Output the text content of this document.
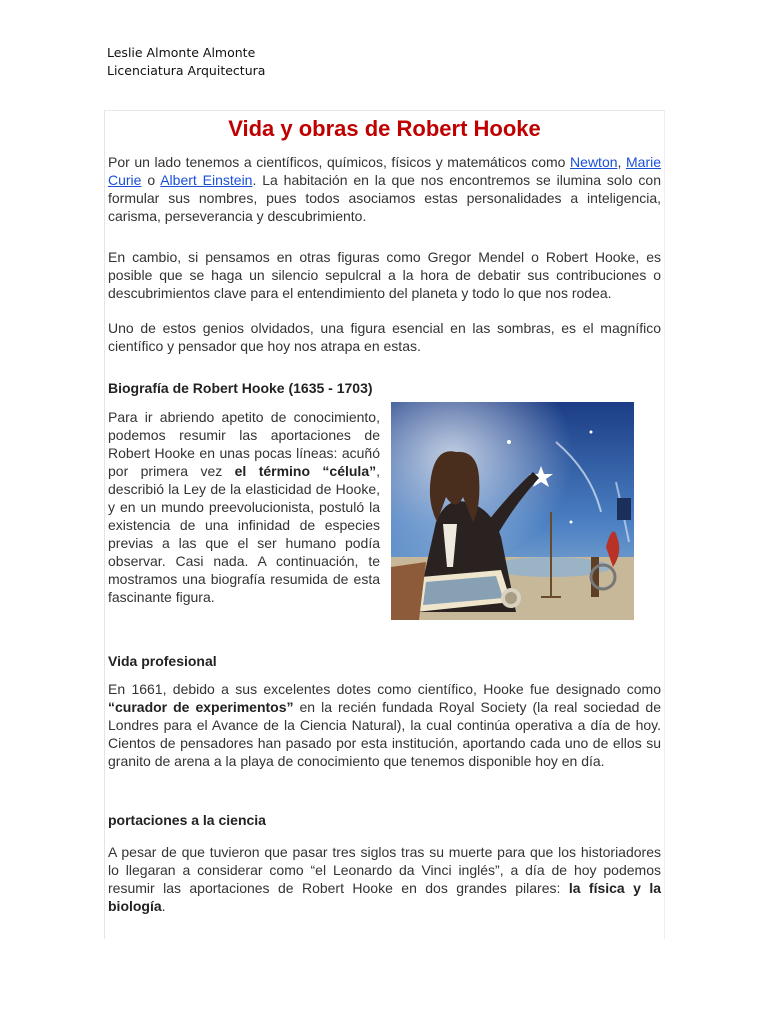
Leslie Almonte Almonte
Licenciatura Arquitectura
Vida y obras de Robert Hooke

Por un lado tenemos a científicos, químicos, físicos y matemáticos como Newton, Marie Curie o Albert Einstein. La habitación en la que nos encontremos se ilumina solo con formular sus nombres, pues todos asociamos estas personalidades a inteligencia, carisma, perseverancia y descubrimiento.

En cambio, si pensamos en otras figuras como Gregor Mendel o Robert Hooke, es posible que se haga un silencio sepulcral a la hora de debatir sus contribuciones o descubrimientos clave para el entendimiento del planeta y todo lo que nos rodea.

Uno de estos genios olvidados, una figura esencial en las sombras, es el magnífico científico y pensador que hoy nos atrapa en estas.

Biografía de Robert Hooke (1635 - 1703)

Para ir abriendo apetito de conocimiento, podemos resumir las aportaciones de Robert Hooke en unas pocas líneas: acuñó por primera vez el término “célula”, describió la Ley de la elasticidad de Hooke, y en un mundo preevolucionista, postuló la existencia de una infinidad de especies previas a las que el ser humano podía observar. Casi nada. A continuación, te mostramos una biografía resumida de esta fascinante figura.

Vida profesional

En 1661, debido a sus excelentes dotes como científico, Hooke fue designado como “curador de experimentos” en la recién fundada Royal Society (la real sociedad de Londres para el Avance de la Ciencia Natural), la cual continúa operativa a día de hoy. Cientos de pensadores han pasado por esta institución, aportando cada uno de ellos su granito de arena a la playa de conocimiento que tenemos disponible hoy en día.

portaciones a la ciencia

A pesar de que tuvieron que pasar tres siglos tras su muerte para que los historiadores lo llegaran a considerar como “el Leonardo da Vinci inglés”, a día de hoy podemos resumir las aportaciones de Robert Hooke en dos grandes pilares: la física y la biología.
